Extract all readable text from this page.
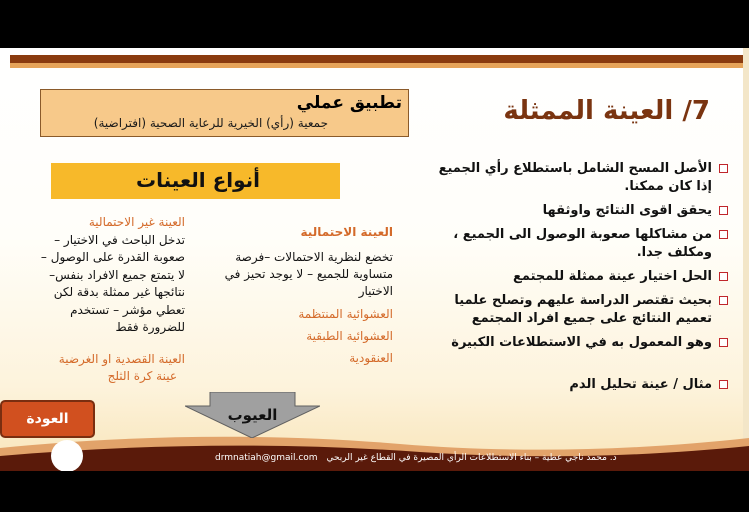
7/ العينة الممثلة
تطبيق عملي
جمعية (رأي) الخيرية للرعاية الصحية (افتراضية)
أنواع العينات
العينة غير الاحتمالية
تدخل الباحث في الاختيار –
صعوبة القدرة على الوصول –
لا يتمتع جميع الافراد بنفس–
نتائجها غير ممثلة بدقة لكن
تعطي مؤشر – تستخدم
للضرورة فقط
العينة القصدية او الغرضية
عينة كرة الثلج
العينة الاحتمالية
تخضع لنظرية الاحتمالات –فرصة
متساوية للجميع – لا يوجد تحيز في
الاختيار
العشوائية المنتظمة
العشوائية الطبقية
العنقودية
الأصل المسح الشامل باستطلاع رأي الجميع إذا كان ممكنا.
يحقق اقوى النتائج واوثقها
من مشاكلها صعوبة الوصول الى الجميع ، ومكلف جدا.
الحل اختيار عينة ممثلة للمجتمع
بحيث تقتصر الدراسة عليهم وتصلح علميا تعميم النتائج على جميع افراد المجتمع
وهو المعمول به في الاستطلاعات الكبيرة
مثال / عينة تحليل الدم
العودة	العيوب
drmnatiah@gmail.com د. محمد ناجي عطية – بناء الاستطلاعات الرأي المصيرة في القطاع غير الربحي
